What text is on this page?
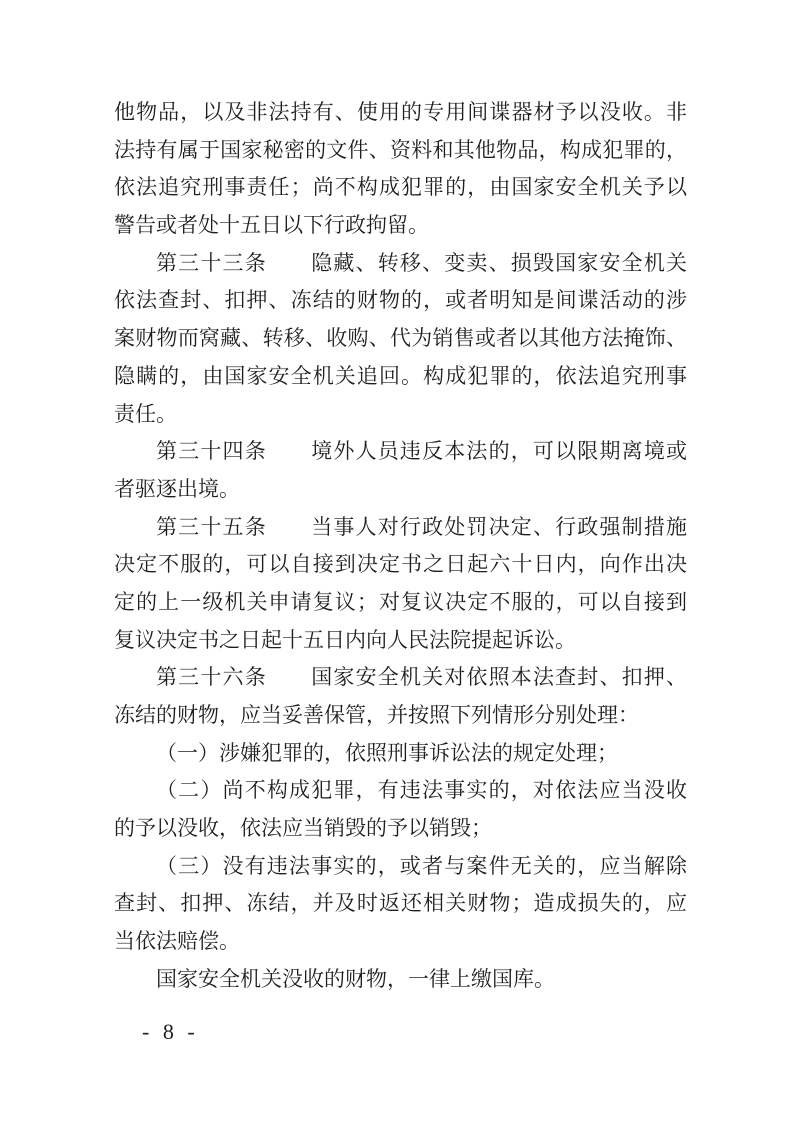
他物品，以及非法持有、使用的专用间谍器材予以没收。非
法持有属于国家秘密的文件、资料和其他物品，构成犯罪的，
依法追究刑事责任；尚不构成犯罪的，由国家安全机关予以
警告或者处十五日以下行政拘留。
第三十三条　　隐藏、转移、变卖、损毁国家安全机关
依法查封、扣押、冻结的财物的，或者明知是间谍活动的涉
案财物而窝藏、转移、收购、代为销售或者以其他方法掩饰、
隐瞒的，由国家安全机关追回。构成犯罪的，依法追究刑事
责任。
第三十四条　　境外人员违反本法的，可以限期离境或
者驱逐出境。
第三十五条　　当事人对行政处罚决定、行政强制措施
决定不服的，可以自接到决定书之日起六十日内，向作出决
定的上一级机关申请复议；对复议决定不服的，可以自接到
复议决定书之日起十五日内向人民法院提起诉讼。
第三十六条　　国家安全机关对依照本法查封、扣押、
冻结的财物，应当妥善保管，并按照下列情形分别处理：
（一）涉嫌犯罪的，依照刑事诉讼法的规定处理；
（二）尚不构成犯罪，有违法事实的，对依法应当没收
的予以没收，依法应当销毁的予以销毁；
（三）没有违法事实的，或者与案件无关的，应当解除
查封、扣押、冻结，并及时返还相关财物；造成损失的，应
当依法赔偿。
国家安全机关没收的财物，一律上缴国库。
- 8 -
